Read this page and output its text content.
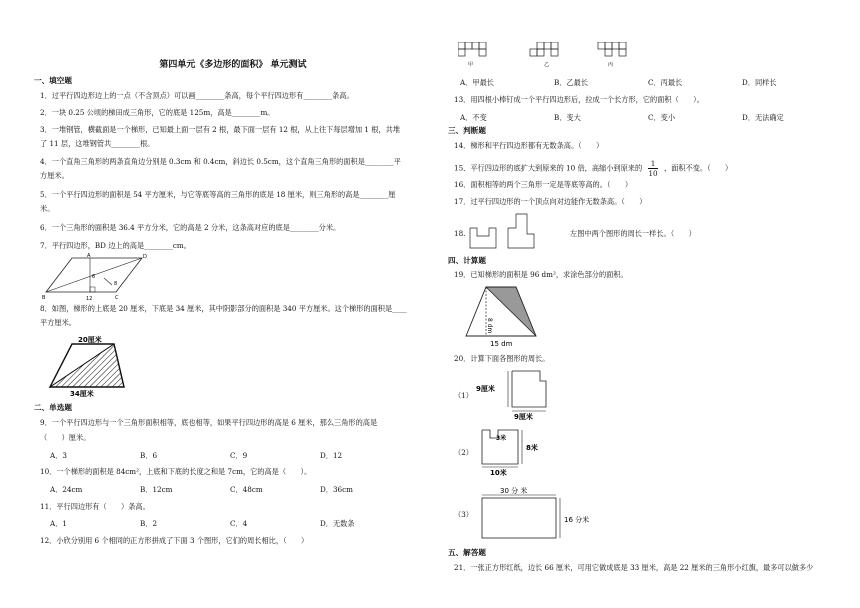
第四单元《多边形的面积》 单元测试
一、填空题
1．过平行四边形边上的一点（不含顶点）可以画________条高，每个平行四边形有________条高。
2．一块 0.25 公顷的梯田成三角形，它的底是 125m，高是________m。
3．一堆钢管，横截面是一个梯形，已知最上面一层有 2 根，最下面一层有 12 根，从上往下每层增加 1 根，共堆
了 11 层，这堆钢管共________根。
4．一个直角三角形的两条直角边分别是 0.3cm 和 0.4cm，斜边长 0.5cm，这个直角三角形的面积是________平
方厘米。
5．一个平行四边形的面积是 54 平方厘米，与它等底等高的三角形的底是 18 厘米，则三角形的高是________厘
米。
6．一个三角形的面积是 36.4 平方分米，它的高是 2 分米，这条高对应的底是________分米。
7．平行四边形，BD 边上的高是________cm。
A	D
B	C
6
8
12
8．如图，梯形的上底是 20 厘米，下底是 34 厘米，其中阴影部分的面积是 340 平方厘米。这个梯形的面积是____
平方厘米。
20厘米
34厘米
二、单选题
9．一个平行四边形与一个三角形面积相等，底也相等，如果平行四边形的高是 6 厘米，那么三角形的高是
（　　）厘米。
A．3	B．6	C．9	D．12
10．一个梯形的面积是 84cm²，上底和下底的长度之和是 7cm，它的高是（　　）。
A．24cm	B．12cm	C．48cm	D．36cm
11．平行四边形有（　　）条高。
A．1	B．2	C．4	D．无数条
12．小欣分别用 6 个相同的正方形拼成了下面 3 个图形，它们的周长相比，（　　）
甲	乙	丙
A．甲最长	B．乙最长	C．丙最长	D．同样长
13．用四根小棒钉成一个平行四边形后，拉成一个长方形，它的面积（　　）。
A．不变	B．变大	C．变小	D．无法确定
三、判断题
14．梯形和平行四边形都有无数条高。（　　）
15．平行四边形的底扩大到原来的 10 倍，高缩小到原来的 $\frac{1}{10}$ ，面积不变。（　　）
16．面积相等的两个三角形一定是等底等高的。（　　）
17．过平行四边形的一个顶点向对边能作无数条高。（　　）
18.	左图中两个图形的周长一样长。（　　）
四、计算题
19．已知梯形的面积是 96 dm²，求涂色部分的面积。
8 dm
15 dm
20．计算下面各图形的周长。
（1）
9厘米
9厘米
（2）
3米
8米
10米
（3）
30 分 米
16 分米
五、解答题
21．一张正方形红纸，边长 66 厘米，可用它做成底是 33 厘米，高是 22 厘米的三角形小红旗，最多可以做多少
